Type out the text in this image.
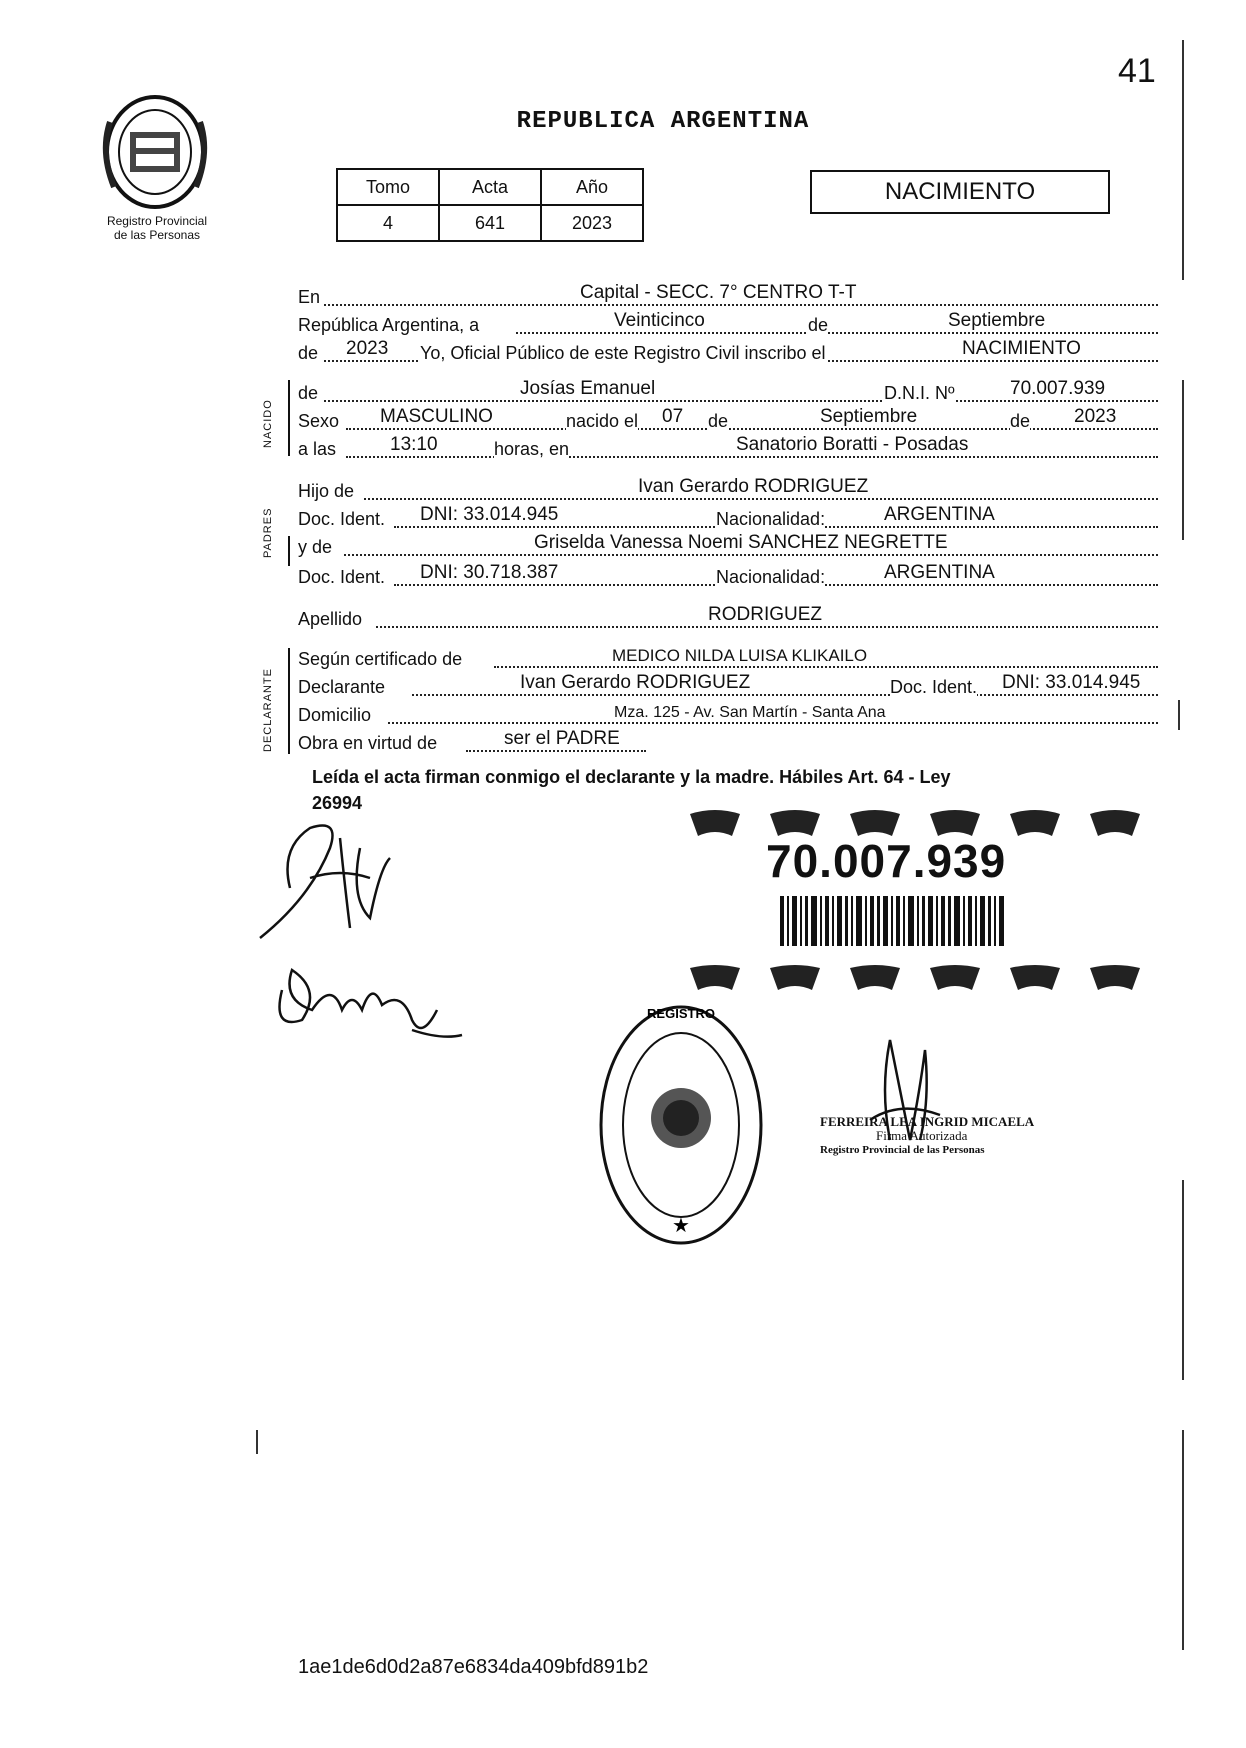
41
Registro Provincial
de las Personas
REPUBLICA ARGENTINA
Tomo	Acta	Año
4	641	2023
NACIMIENTO
En	Capital - SECC. 7° CENTRO T-T
República Argentina, a	Veinticinco	de	Septiembre
de 2023 Yo, Oficial Público de este Registro Civil inscribo el	NACIMIENTO
de	Josías Emanuel	D.N.I. Nº	70.007.939
Sexo MASCULINO	nacido el 07 de	Septiembre	de 2023
a las	13:10	horas, en	Sanatorio Boratti - Posadas
Hijo de	Ivan Gerardo RODRIGUEZ
Doc. Ident. DNI: 33.014.945	Nacionalidad:	ARGENTINA
y de	Griselda Vanessa Noemi SANCHEZ NEGRETTE
Doc. Ident. DNI: 30.718.387	Nacionalidad:	ARGENTINA
Apellido	RODRIGUEZ
Según certificado de	MEDICO NILDA LUISA KLIKAILO
Declarante	Ivan Gerardo RODRIGUEZ	Doc. Ident. DNI: 33.014.945
Domicilio	Mza. 125 - Av. San Martín - Santa Ana
Obra en virtud de	ser el PADRE
NACIDO
PADRES
DECLARANTE
Leída el acta firman conmigo el declarante y la madre. Hábiles Art. 64 - Ley
26994
70.007.939
REGISTRO
★
FERREIRA LEA INGRID MICAELA
Firma Autorizada
Registro Provincial de las Personas
1ae1de6d0d2a87e6834da409bfd891b2
